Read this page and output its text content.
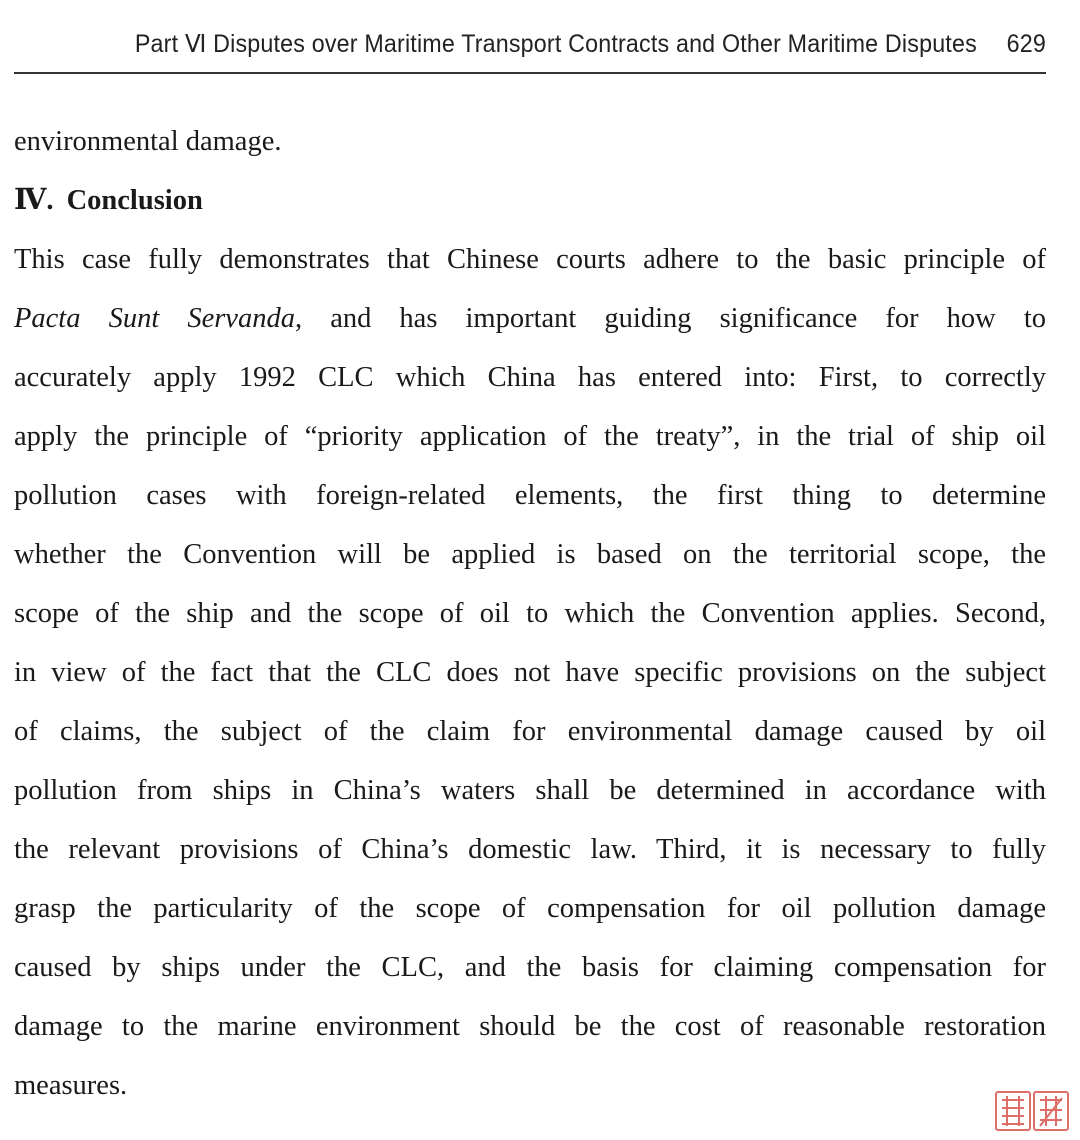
Part Ⅵ Disputes over Maritime Transport Contracts and Other Maritime Disputes 629
environmental damage.
Ⅳ. Conclusion
This case fully demonstrates that Chinese courts adhere to the basic principle of
Pacta Sunt Servanda, and has important guiding significance for how to
accurately apply 1992 CLC which China has entered into: First, to correctly
apply the principle of “priority application of the treaty”, in the trial of ship oil
pollution cases with foreign-related elements, the first thing to determine
whether the Convention will be applied is based on the territorial scope, the
scope of the ship and the scope of oil to which the Convention applies. Second,
in view of the fact that the CLC does not have specific provisions on the subject
of claims, the subject of the claim for environmental damage caused by oil
pollution from ships in China’s waters shall be determined in accordance with
the relevant provisions of China’s domestic law. Third, it is necessary to fully
grasp the particularity of the scope of compensation for oil pollution damage
caused by ships under the CLC, and the basis for claiming compensation for
damage to the marine environment should be the cost of reasonable restoration
measures.
